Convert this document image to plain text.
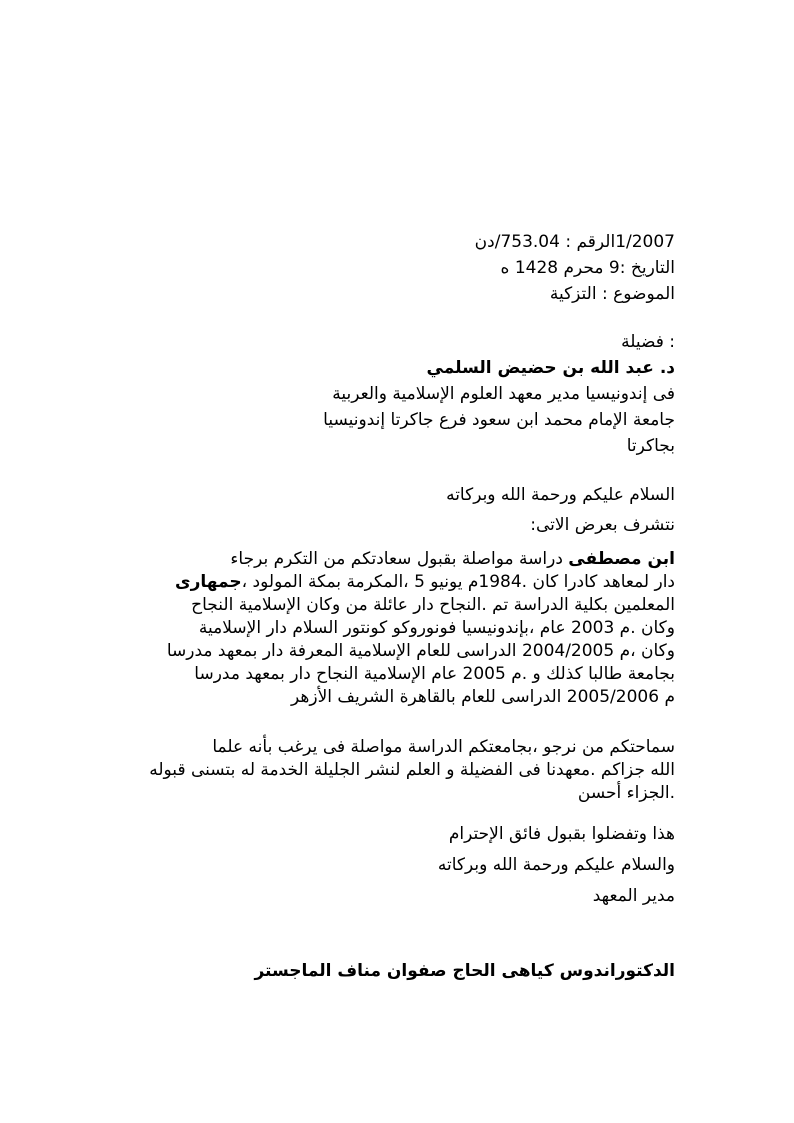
1/2007الرقم : 753.04/دن
التاريخ :9 محرم 1428 ه
الموضوع : التزكية
: فضيلة
د. عبد الله بن حضيض السلمي
فى إندونيسيا مدير معهد العلوم الإسلامية والعربية
جامعة الإمام محمد ابن سعود فرع جاكرتا إندونيسيا
بجاكرتا
السلام عليكم ورحمة الله وبركاته
نتشرف بعرض الاتى:
ابن مصطفى دراسة مواصلة بقبول سعادتكم من التكرم برجاء
دار لمعاهد كادرا كان .1984م يونيو 5 ،المكرمة بمكة المولود ،جمهارى
المعلمين بكلية الدراسة تم .النجاح دار عائلة من وكان الإسلامية النجاح
وكان .م 2003 عام ،بإندونيسيا فونوروكو كونتور السلام دار الإسلامية
وكان ،م 2004/2005 الدراسى للعام الإسلامية المعرفة دار بمعهد مدرسا
بجامعة طالبا كذلك و .م 2005 عام الإسلامية النجاح دار بمعهد مدرسا
م 2005/2006 الدراسى للعام بالقاهرة الشريف الأزهر
سماحتكم من نرجو ،بجامعتكم الدراسة مواصلة فى يرغب بأنه علما
الله جزاكم .معهدنا فى الفضيلة و العلم لنشر الجليلة الخدمة له بتسنى قبوله
.الجزاء أحسن
هذا وتفضلوا بقبول فائق الإحترام
والسلام عليكم ورحمة الله وبركاته
مدير المعهد
الدكتوراندوس كياهى الحاج صفوان مناف الماجستر
